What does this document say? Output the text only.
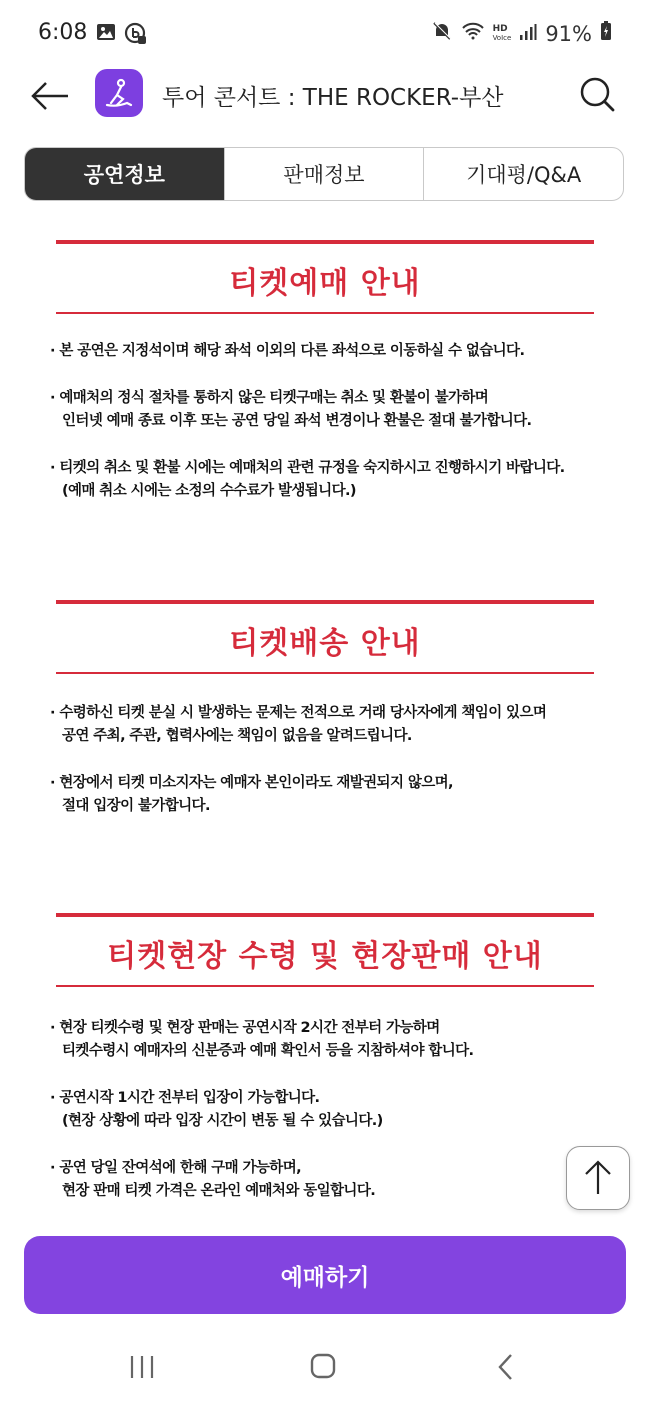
6:08	HD
VoIce 91%
투어 콘서트 : THE ROCKER-부산
공연정보	판매정보	기대평/Q&A
티켓예매 안내

· 본 공연은 지정석이며 해당 좌석 이외의 다른 좌석으로 이동하실 수 없습니다.

· 예매처의 정식 절차를 통하지 않은 티켓구매는 취소 및 환불이 불가하며

인터넷 예매 종료 이후 또는 공연 당일 좌석 변경이나 환불은 절대 불가합니다.

· 티켓의 취소 및 환불 시에는 예매처의 관련 규정을 숙지하시고 진행하시기 바랍니다.

(예매 취소 시에는 소정의 수수료가 발생됩니다.)

티켓배송 안내

· 수령하신 티켓 분실 시 발생하는 문제는 전적으로 거래 당사자에게 책임이 있으며

공연 주최, 주관, 협력사에는 책임이 없음을 알려드립니다.

· 현장에서 티켓 미소지자는 예매자 본인이라도 재발권되지 않으며,

절대 입장이 불가합니다.

티켓현장 수령 및 현장판매 안내

· 현장 티켓수령 및 현장 판매는 공연시작 2시간 전부터 가능하며

티켓수령시 예매자의 신분증과 예매 확인서 등을 지참하셔야 합니다.

· 공연시작 1시간 전부터 입장이 가능합니다.

(현장 상황에 따라 입장 시간이 변동 될 수 있습니다.)

· 공연 당일 잔여석에 한해 구매 가능하며,

현장 판매 티켓 가격은 온라인 예매처와 동일합니다.

예매하기
